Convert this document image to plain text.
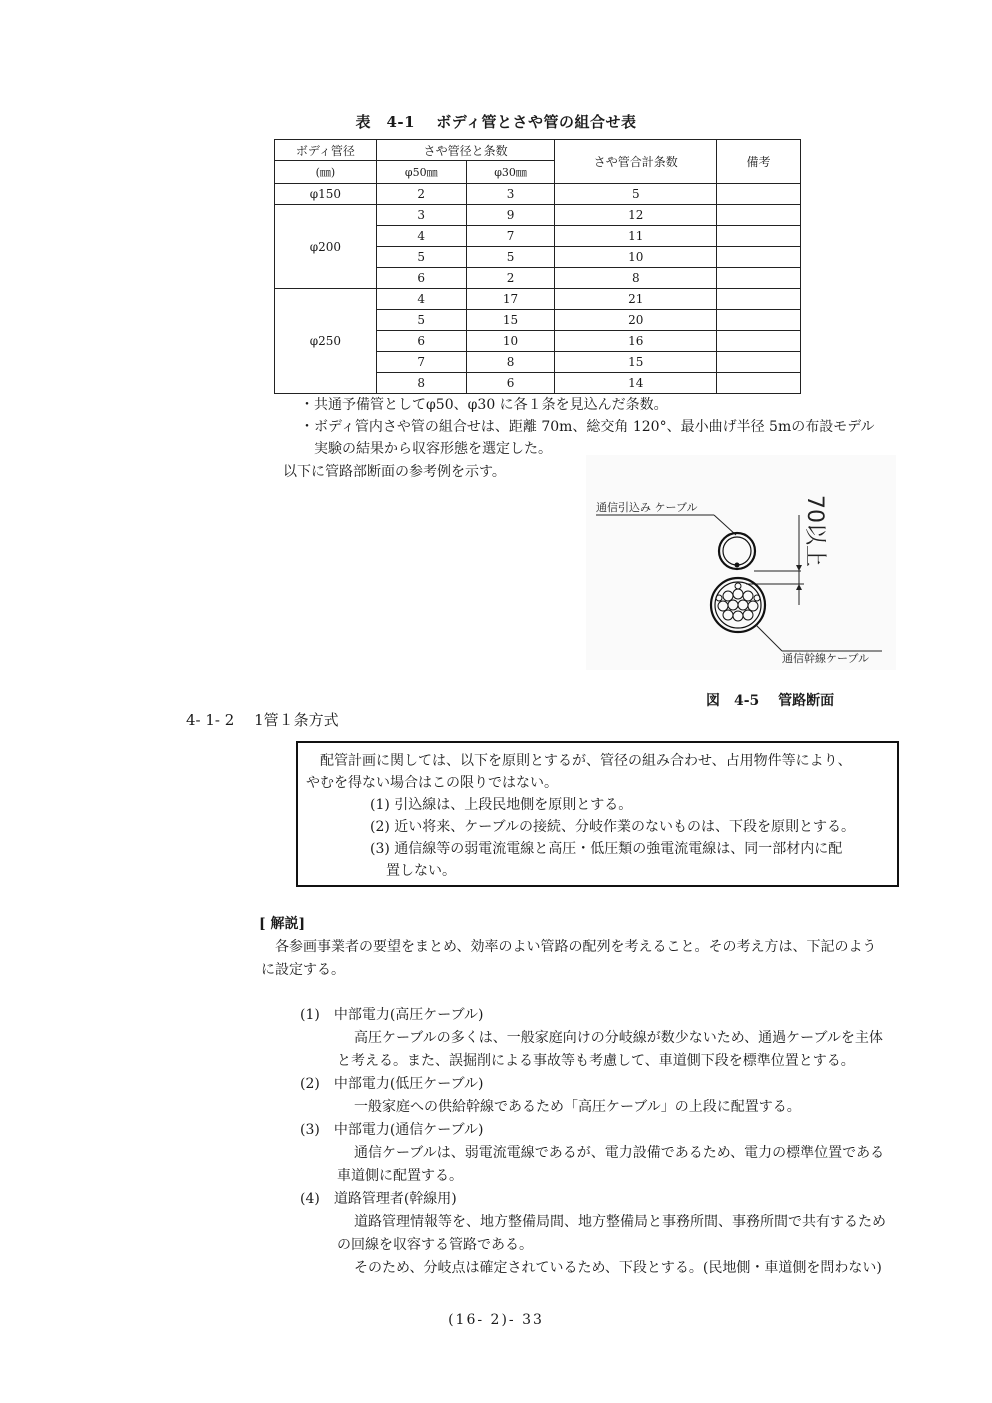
表　4-1　 ボディ管とさや管の組合せ表
ボディ管径	さや管径と条数		さや管合計条数	備考
(㎜)	φ50㎜	φ30㎜		
φ150	2	3	5	
φ200	3	9	12	
	4	7	11	
	5	5	10	
	6	2	8	
φ250	4	17	21	
	5	15	20	
	6	10	16	
	7	8	15	
	8	6	14	
・共通予備管としてφ50、φ30 に各１条を見込んだ条数。
・ボディ管内さや管の組合せは、距離 70m、総交角 120°、最小曲げ半径 5mの布設モデル
実験の結果から収容形態を選定した。
以下に管路部断面の参考例を示す。
通信引込み ケーブル	70以上
通信幹線ケーブル
図　4-5　 管路断面
4- 1- 2　 1管１条方式

配管計画に関しては、以下を原則とするが、管径の組み合わせ、占用物件等により、

やむを得ない場合はこの限りではない。

(1) 引込線は、上段民地側を原則とする。

(2) 近い将来、ケーブルの接続、分岐作業のないものは、下段を原則とする。

(3) 通信線等の弱電流電線と高圧・低圧類の強電流電線は、同一部材内に配

置しない。

[ 解説]
各参画事業者の要望をまとめ、効率のよい管路の配列を考えること。その考え方は、下記のよう
に設定する。
(1)　中部電力(高圧ケーブル)
高圧ケーブルの多くは、一般家庭向けの分岐線が数少ないため、通過ケーブルを主体
と考える。また、誤掘削による事故等も考慮して、車道側下段を標準位置とする。
(2)　中部電力(低圧ケーブル)
一般家庭への供給幹線であるため「高圧ケーブル」の上段に配置する。
(3)　中部電力(通信ケーブル)
通信ケーブルは、弱電流電線であるが、電力設備であるため、電力の標準位置である
車道側に配置する。
(4)　道路管理者(幹線用)
道路管理情報等を、地方整備局間、地方整備局と事務所間、事務所間で共有するため
の回線を収容する管路である。
そのため、分岐点は確定されているため、下段とする。(民地側・車道側を問わない)
(16- 2)- 33
